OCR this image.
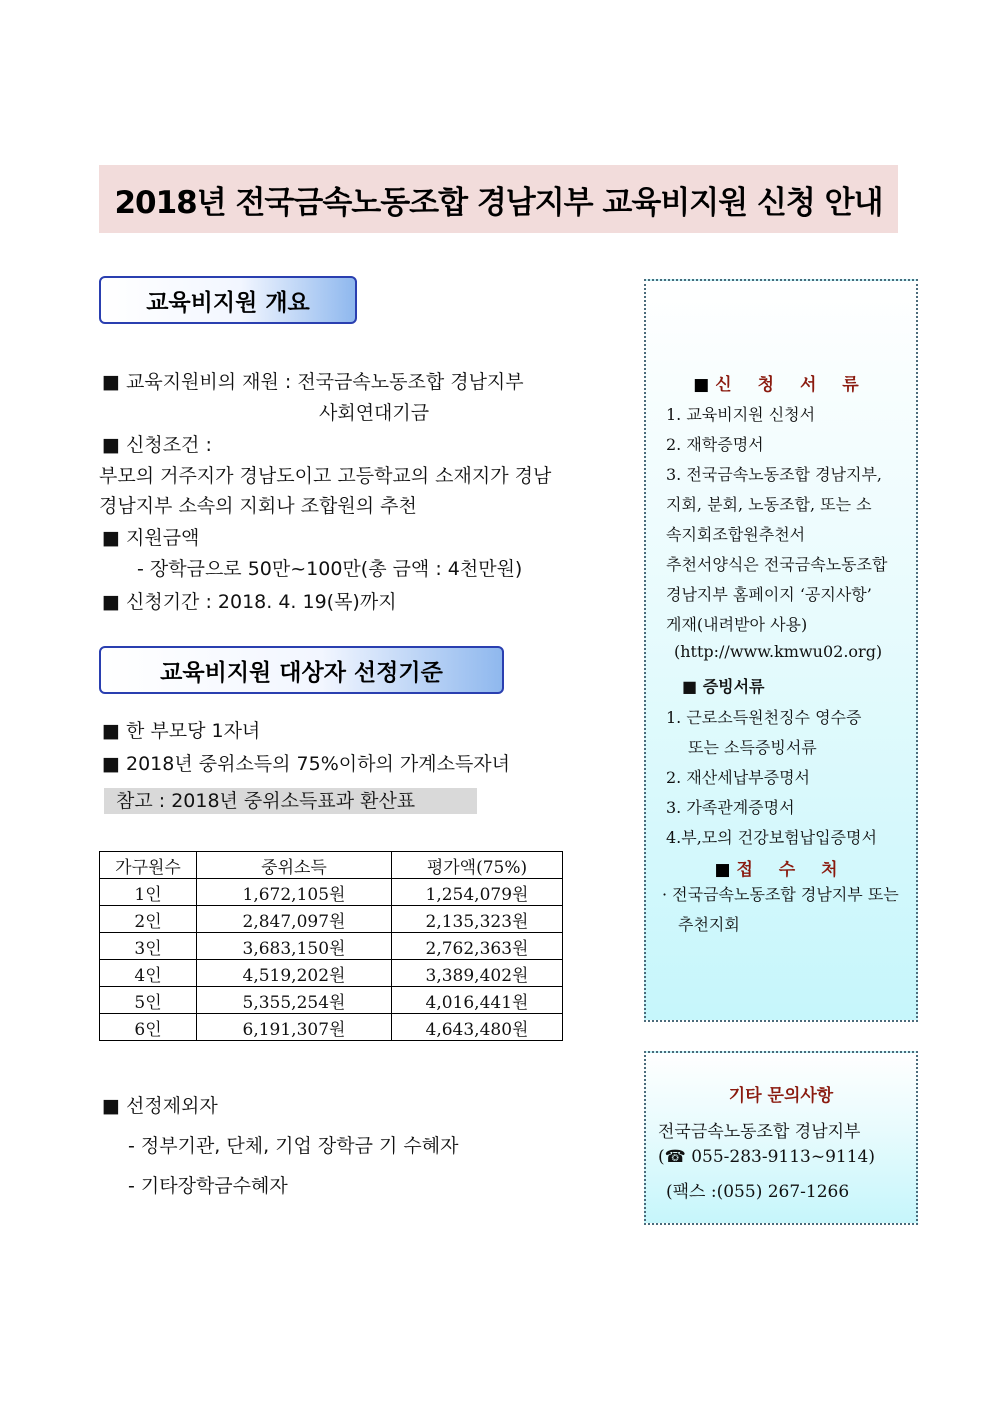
2018년 전국금속노동조합 경남지부 교육비지원 신청 안내
교육비지원 개요
■ 교육지원비의 재원 : 전국금속노동조합 경남지부
사회연대기금
■ 신청조건 :
부모의 거주지가 경남도이고 고등학교의 소재지가 경남
경남지부 소속의 지회나 조합원의 추천
■ 지원금액
- 장학금으로 50만~100만(총 금액 : 4천만원)
■ 신청기간 : 2018. 4. 19(목)까지
교육비지원 대상자 선정기준
■ 한 부모당 1자녀
■ 2018년 중위소득의 75%이하의 가계소득자녀
참고 : 2018년 중위소득표과 환산표
가구원수	중위소득	평가액(75%)
1인	1,672,105원	1,254,079원
2인	2,847,097원	2,135,323원
3인	3,683,150원	2,762,363원
4인	4,519,202원	3,389,402원
5인	5,355,254원	4,016,441원
6인	6,191,307원	4,643,480원
■ 선정제외자
- 정부기관, 단체, 기업 장학금 기 수혜자
- 기타장학금수혜자
■ 신 청 서 류
1. 교육비지원 신청서
2. 재학증명서
3. 전국금속노동조합 경남지부,
지회, 분회, 노동조합, 또는 소
속지회조합원추천서
추천서양식은 전국금속노동조합
경남지부 홈페이지 ‘공지사항’
게재(내려받아 사용)
(http://www.kmwu02.org)
■ 증빙서류
1. 근로소득원천징수 영수증
또는 소득증빙서류
2. 재산세납부증명서
3. 가족관계증명서
4.부,모의 건강보험납입증명서
■ 접 수 처
· 전국금속노동조합 경남지부 또는
추천지회
기타 문의사항
전국금속노동조합 경남지부
(☎ 055-283-9113~9114)
(팩스 :(055) 267-1266
